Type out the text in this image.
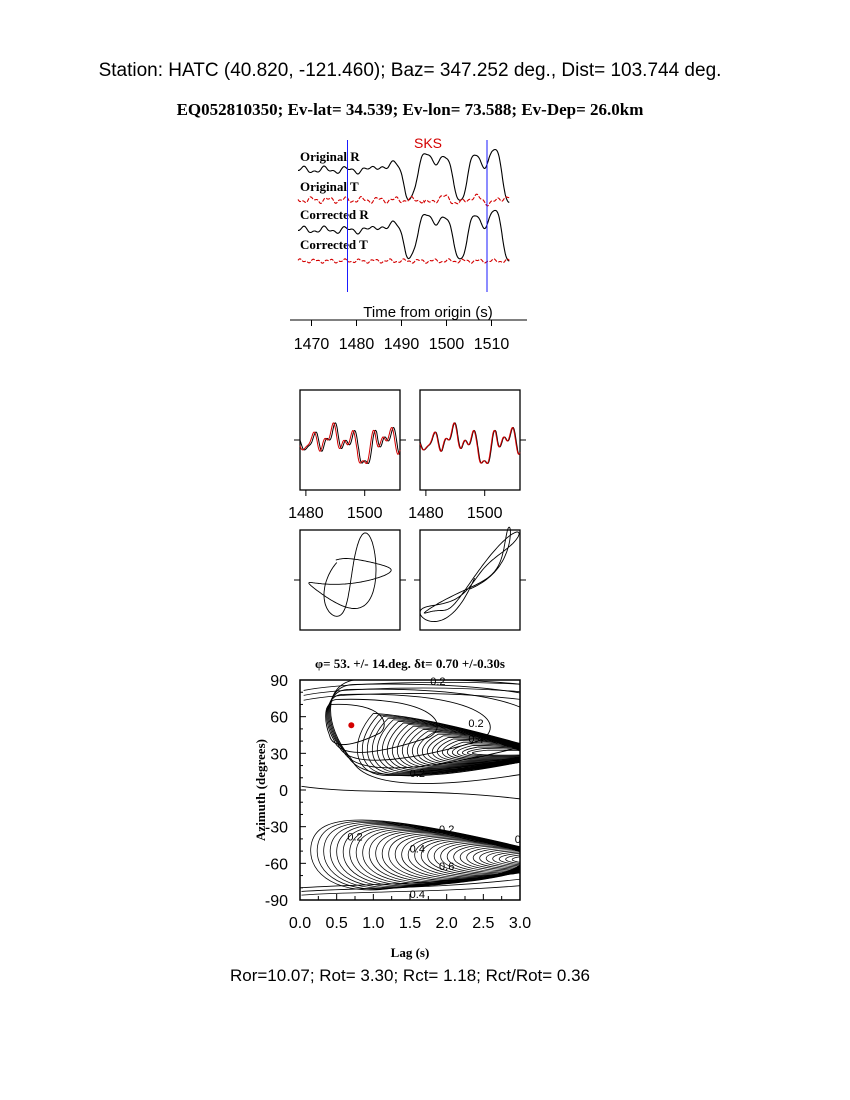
Station: HATC (40.820, -121.460); Baz= 347.252 deg., Dist= 103.744 deg.
EQ052810350; Ev-lat= 34.539; Ev-lon= 73.588; Ev-Dep= 26.0km
SKS
Original R
Original T
Corrected R
Corrected T
Time from origin (s)
1470 1480 1490 1500 1510
1480 1500 1480 1500
φ= 53. +/- 14.deg. δt= 0.70 +/-0.30s
0.0 0.5 1.0 1.5 2.0 2.5 3.0
90
60
30
0
-30
-60
-90
0.2
0.2
0.4
0.2
0.2
0.2
0
0.4
0.6
0.4
Lag (s)
Azimuth (degrees)
Ror=10.07; Rot= 3.30; Rct= 1.18; Rct/Rot= 0.36
